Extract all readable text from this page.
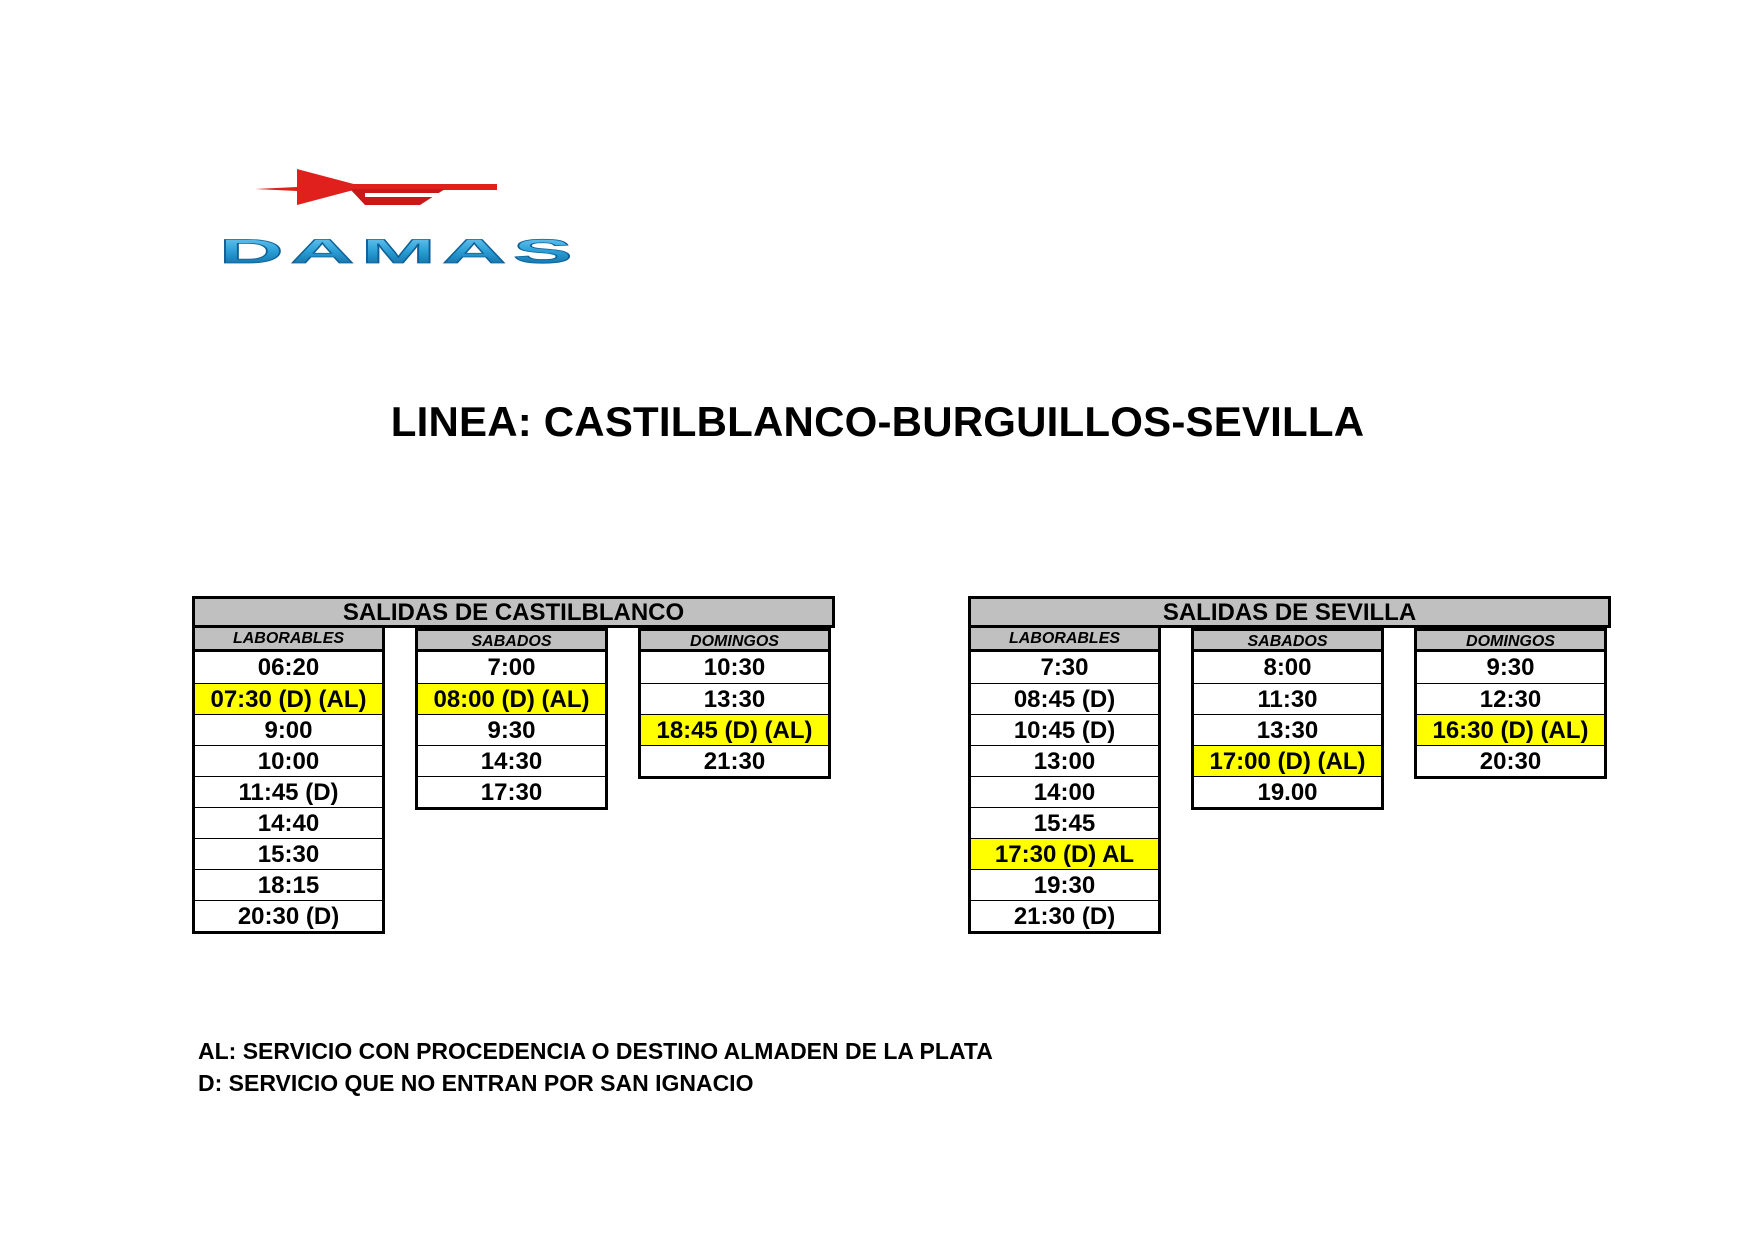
DAMAS
LINEA: CASTILBLANCO-BURGUILLOS-SEVILLA
SALIDAS DE CASTILBLANCO
LABORABLES
06:20
07:30 (D) (AL)
9:00
10:00
11:45 (D)
14:40
15:30
18:15
20:30 (D)
SABADOS
7:00
08:00 (D) (AL)
9:30
14:30
17:30
DOMINGOS
10:30
13:30
18:45 (D) (AL)
21:30
SALIDAS DE SEVILLA
LABORABLES
7:30
08:45 (D)
10:45 (D)
13:00
14:00
15:45
17:30 (D) AL
19:30
21:30 (D)
SABADOS
8:00
11:30
13:30
17:00 (D) (AL)
19.00
DOMINGOS
9:30
12:30
16:30 (D) (AL)
20:30
AL: SERVICIO CON PROCEDENCIA O DESTINO ALMADEN DE LA PLATA
D: SERVICIO QUE NO ENTRAN POR SAN IGNACIO
